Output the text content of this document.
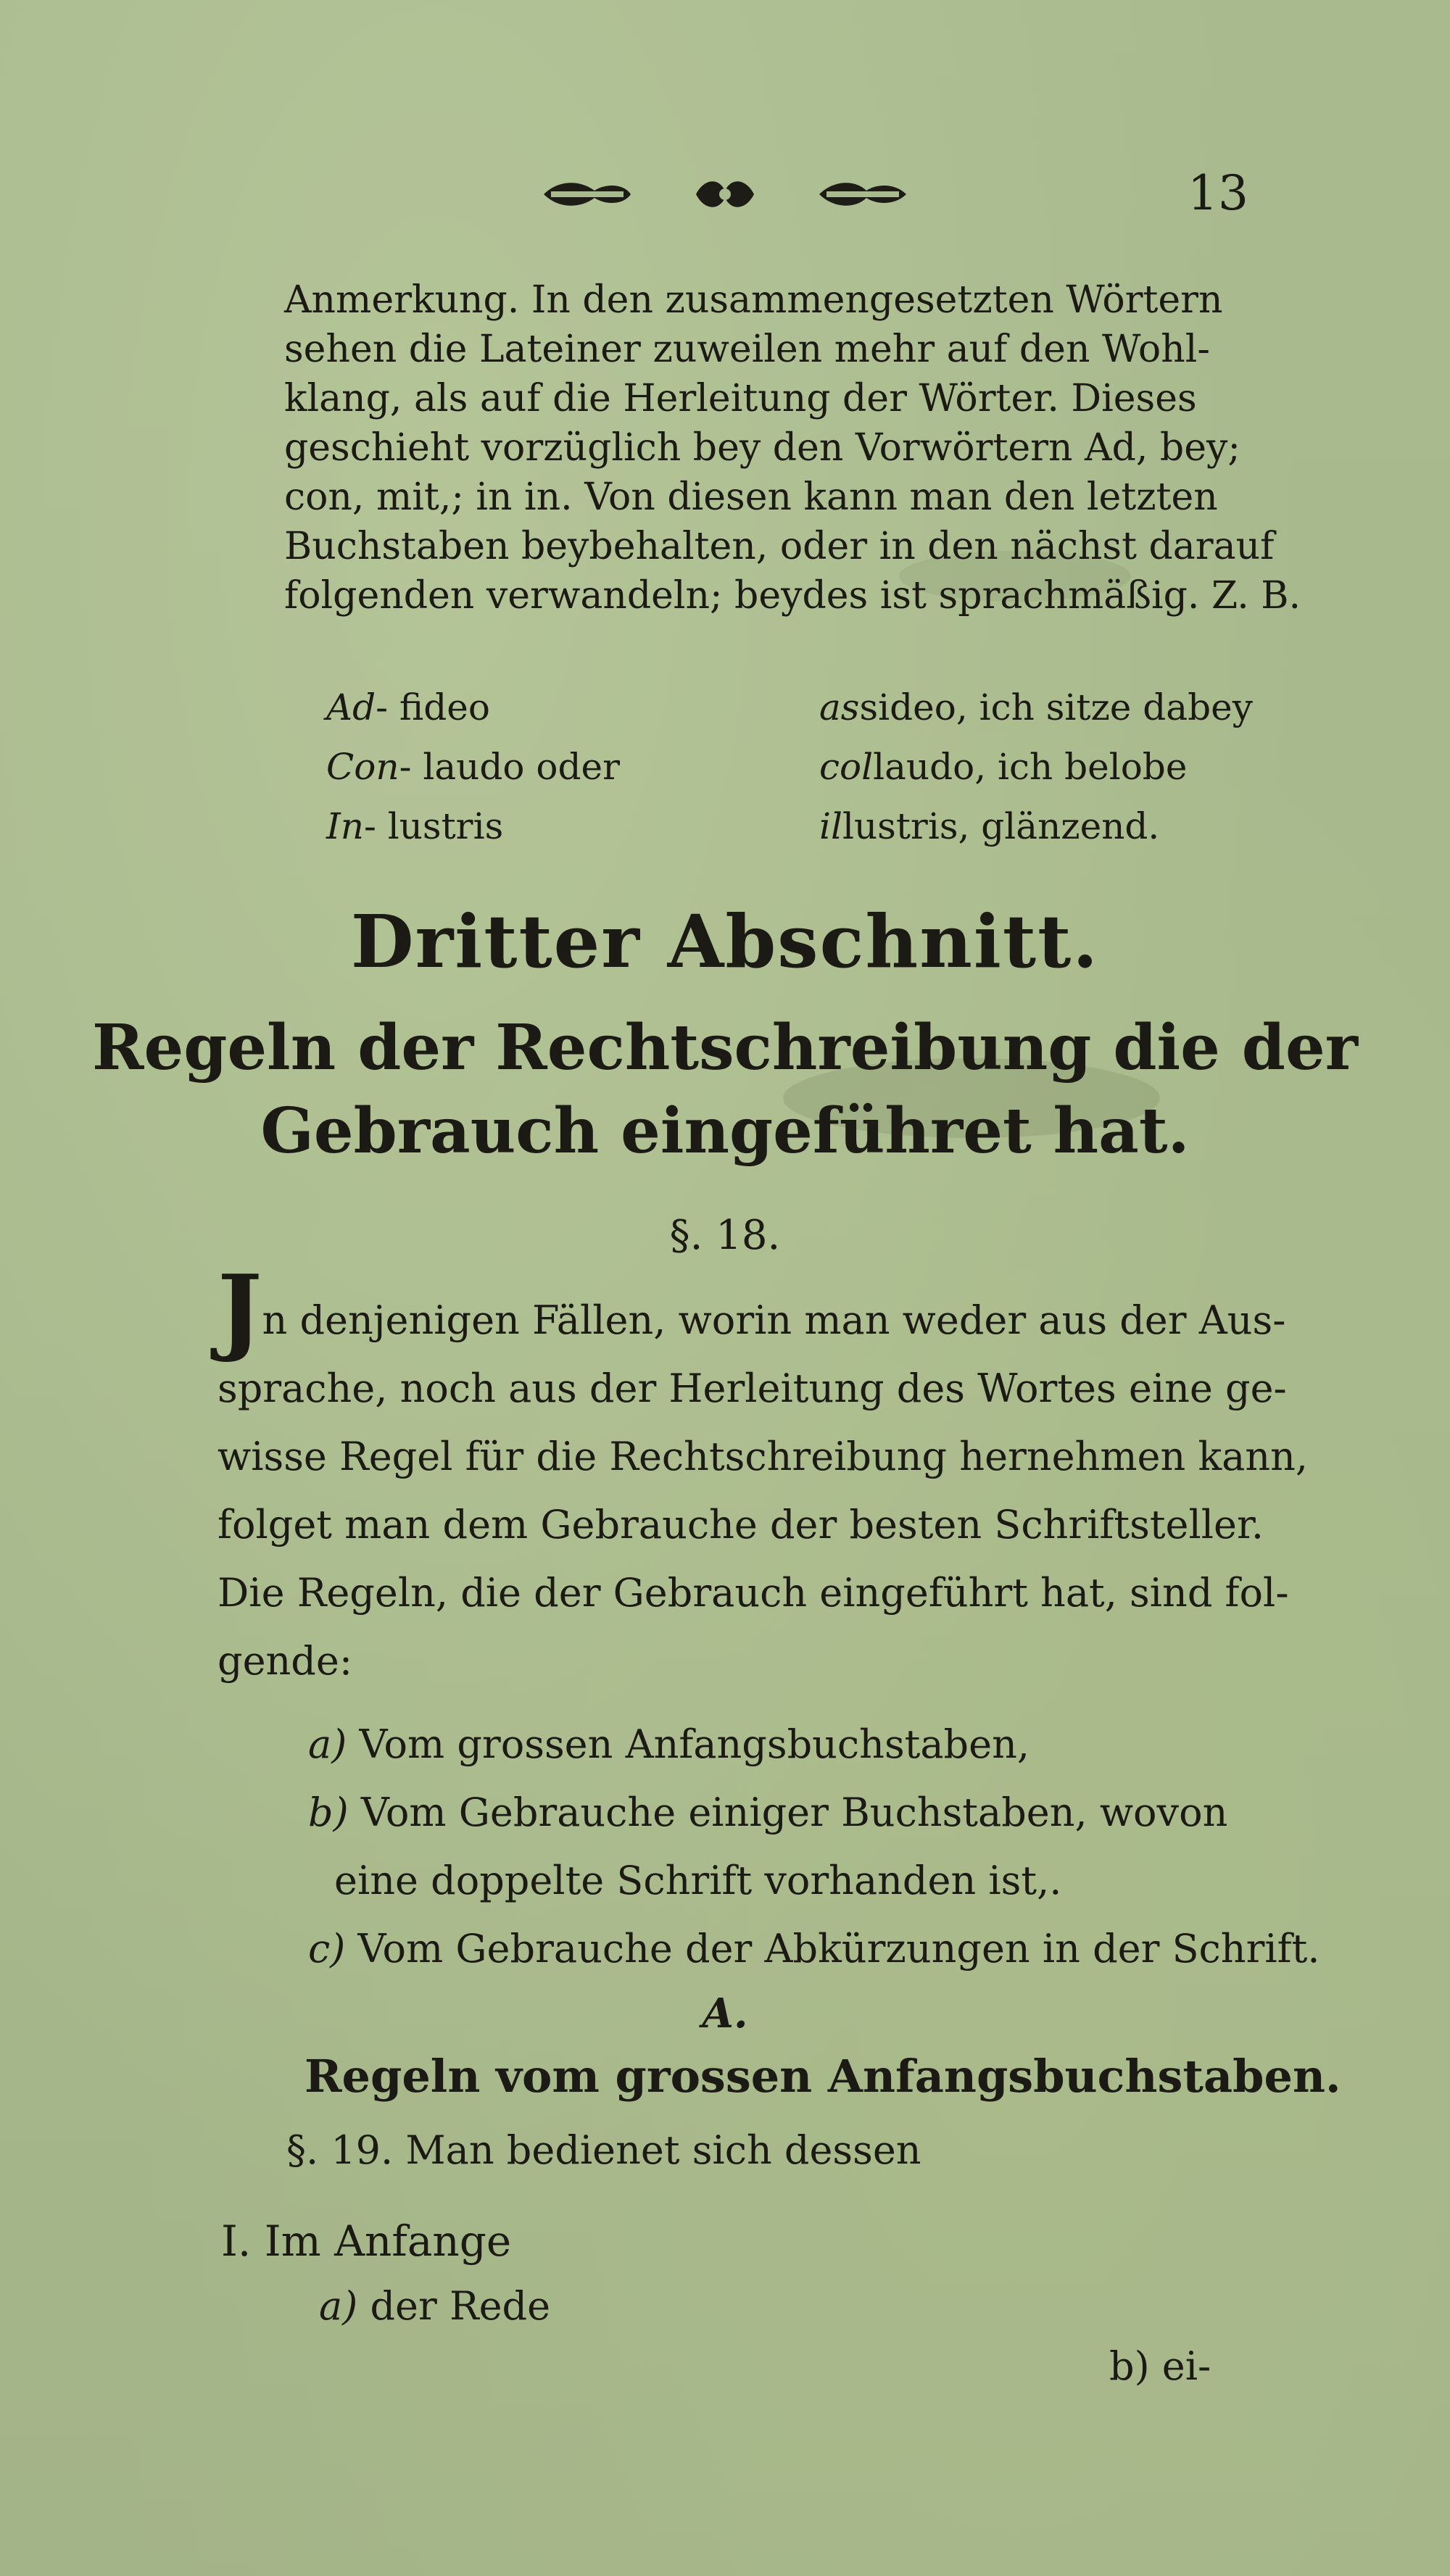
13

Anmerkung. In den zusammengesetzten Wörtern

sehen die Lateiner zuweilen mehr auf den Wohl-

klang, als auf die Herleitung der Wörter. Dieses

geschieht vorzüglich bey den Vorwörtern Ad, bey;

con, mit,; in in. Von diesen kann man den letzten

Buchstaben beybehalten, oder in den nächst darauf

folgenden verwandeln; beydes ist sprachmäßig. Z. B.

Ad- fideo	assideo, ich sitze dabey
Con- laudo oder	collaudo, ich belobe
In- lustris	illustris, glänzend.
Dritter Abschnitt.
Regeln der Rechtschreibung die der
Gebrauch eingeführet hat.
§. 18.

Jn denjenigen Fällen, worin man weder aus der Aus-

sprache, noch aus der Herleitung des Wortes eine ge-

wisse Regel für die Rechtschreibung hernehmen kann,

folget man dem Gebrauche der besten Schriftsteller.

Die Regeln, die der Gebrauch eingeführt hat, sind fol-

gende:

a) Vom grossen Anfangsbuchstaben,

b) Vom Gebrauche einiger Buchstaben, wovon

eine doppelte Schrift vorhanden ist,.

c) Vom Gebrauche der Abkürzungen in der Schrift.

A.
Regeln vom grossen Anfangsbuchstaben.
§. 19. Man bedienet sich dessen
I. Im Anfange
a) der Rede
b) ei-
